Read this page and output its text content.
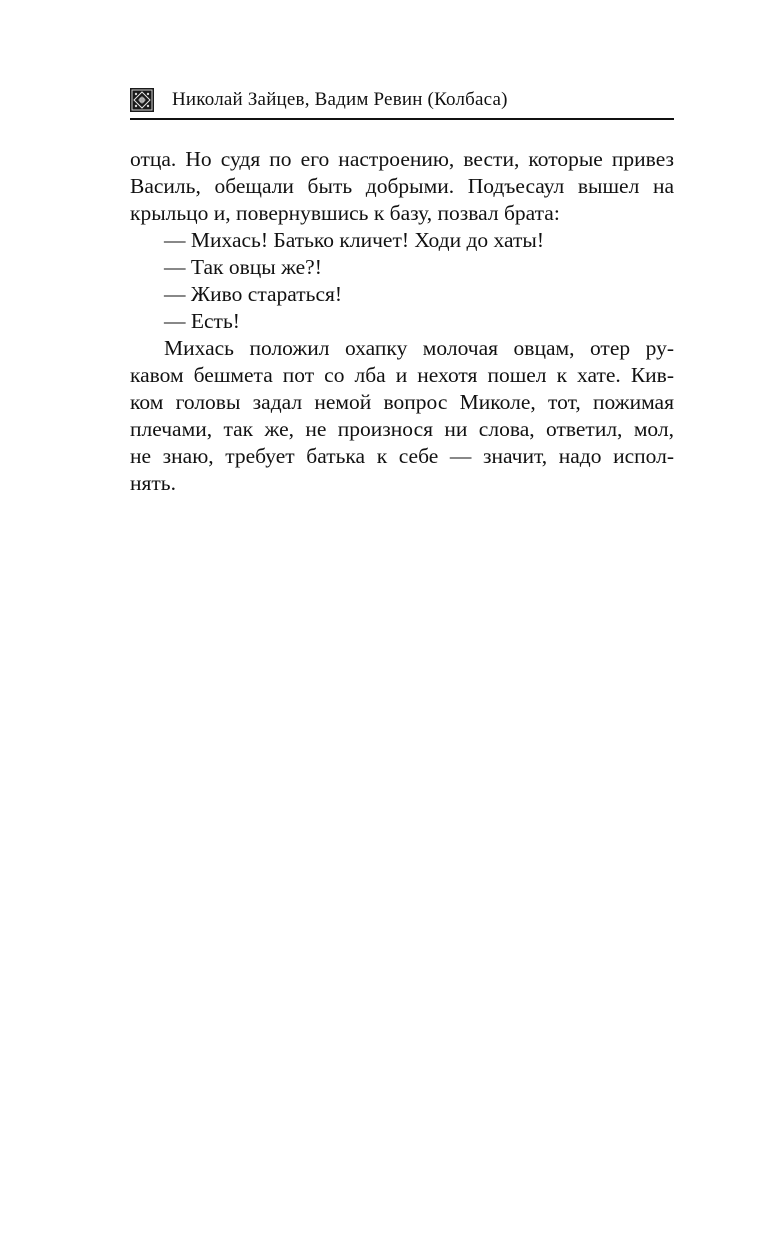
Николай Зайцев, Вадим Ревин (Колбаса)
отца. Но судя по его настроению, вести, которые привез
Василь, обещали быть добрыми. Подъесаул вышел на
крыльцо и, повернувшись к базу, позвал брата:
— Михась! Батько кличет! Ходи до хаты!
— Так овцы же?!
— Живо стараться!
— Есть!
Михась положил охапку молочая овцам, отер ру-
кавом бешмета пот со лба и нехотя пошел к хате. Кив-
ком головы задал немой вопрос Миколе, тот, пожимая
плечами, так же, не произнося ни слова, ответил, мол,
не знаю, требует батька к себе — значит, надо испол-
нять.
